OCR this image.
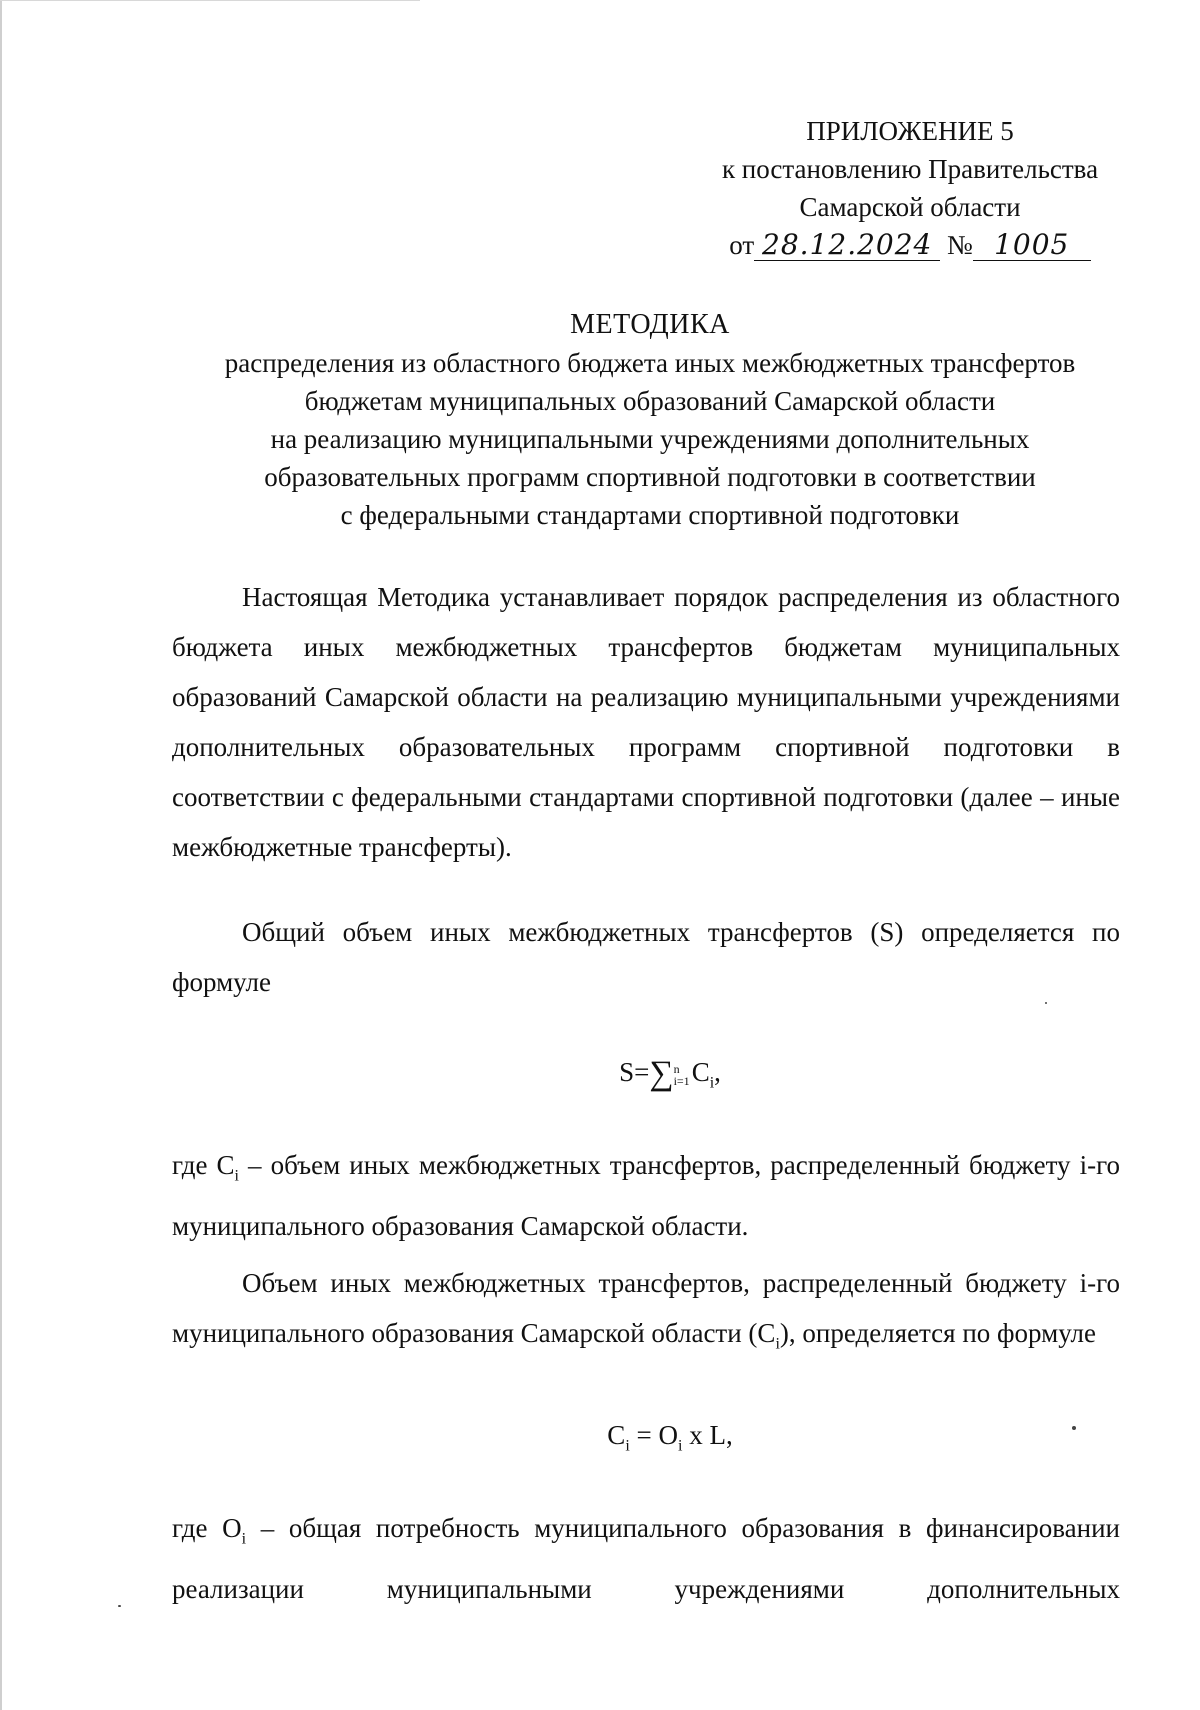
ПРИЛОЖЕНИЕ 5
к постановлению Правительства
Самарской области
от 28.12.2024 № 1005
МЕТОДИКА
распределения из областного бюджета иных межбюджетных трансфертов
бюджетам муниципальных образований Самарской области
на реализацию муниципальными учреждениями дополнительных
образовательных программ спортивной подготовки в соответствии
с федеральными стандартами спортивной подготовки
Настоящая Методика устанавливает порядок распределения из областного бюджета иных межбюджетных трансфертов бюджетам муниципальных образований Самарской области на реализацию муниципальными учреждениями дополнительных образовательных программ спортивной подготовки в соответствии с федеральными стандартами спортивной подготовки (далее – иные межбюджетные трансферты).
Общий объем иных межбюджетных трансфертов (S) определяется по формуле
S=∑ n
i=1 $C_i$,
где $C_i$ – объем иных межбюджетных трансфертов, распределенный бюджету i-го муниципального образования Самарской области.
Объем иных межбюджетных трансфертов, распределенный бюджету i-го муниципального образования Самарской области $(C_i)$, определяется по формуле
$C_i = O_i$ x L,
где $O_i$ – общая потребность муниципального образования в финансировании реализации муниципальными учреждениями дополнительных
